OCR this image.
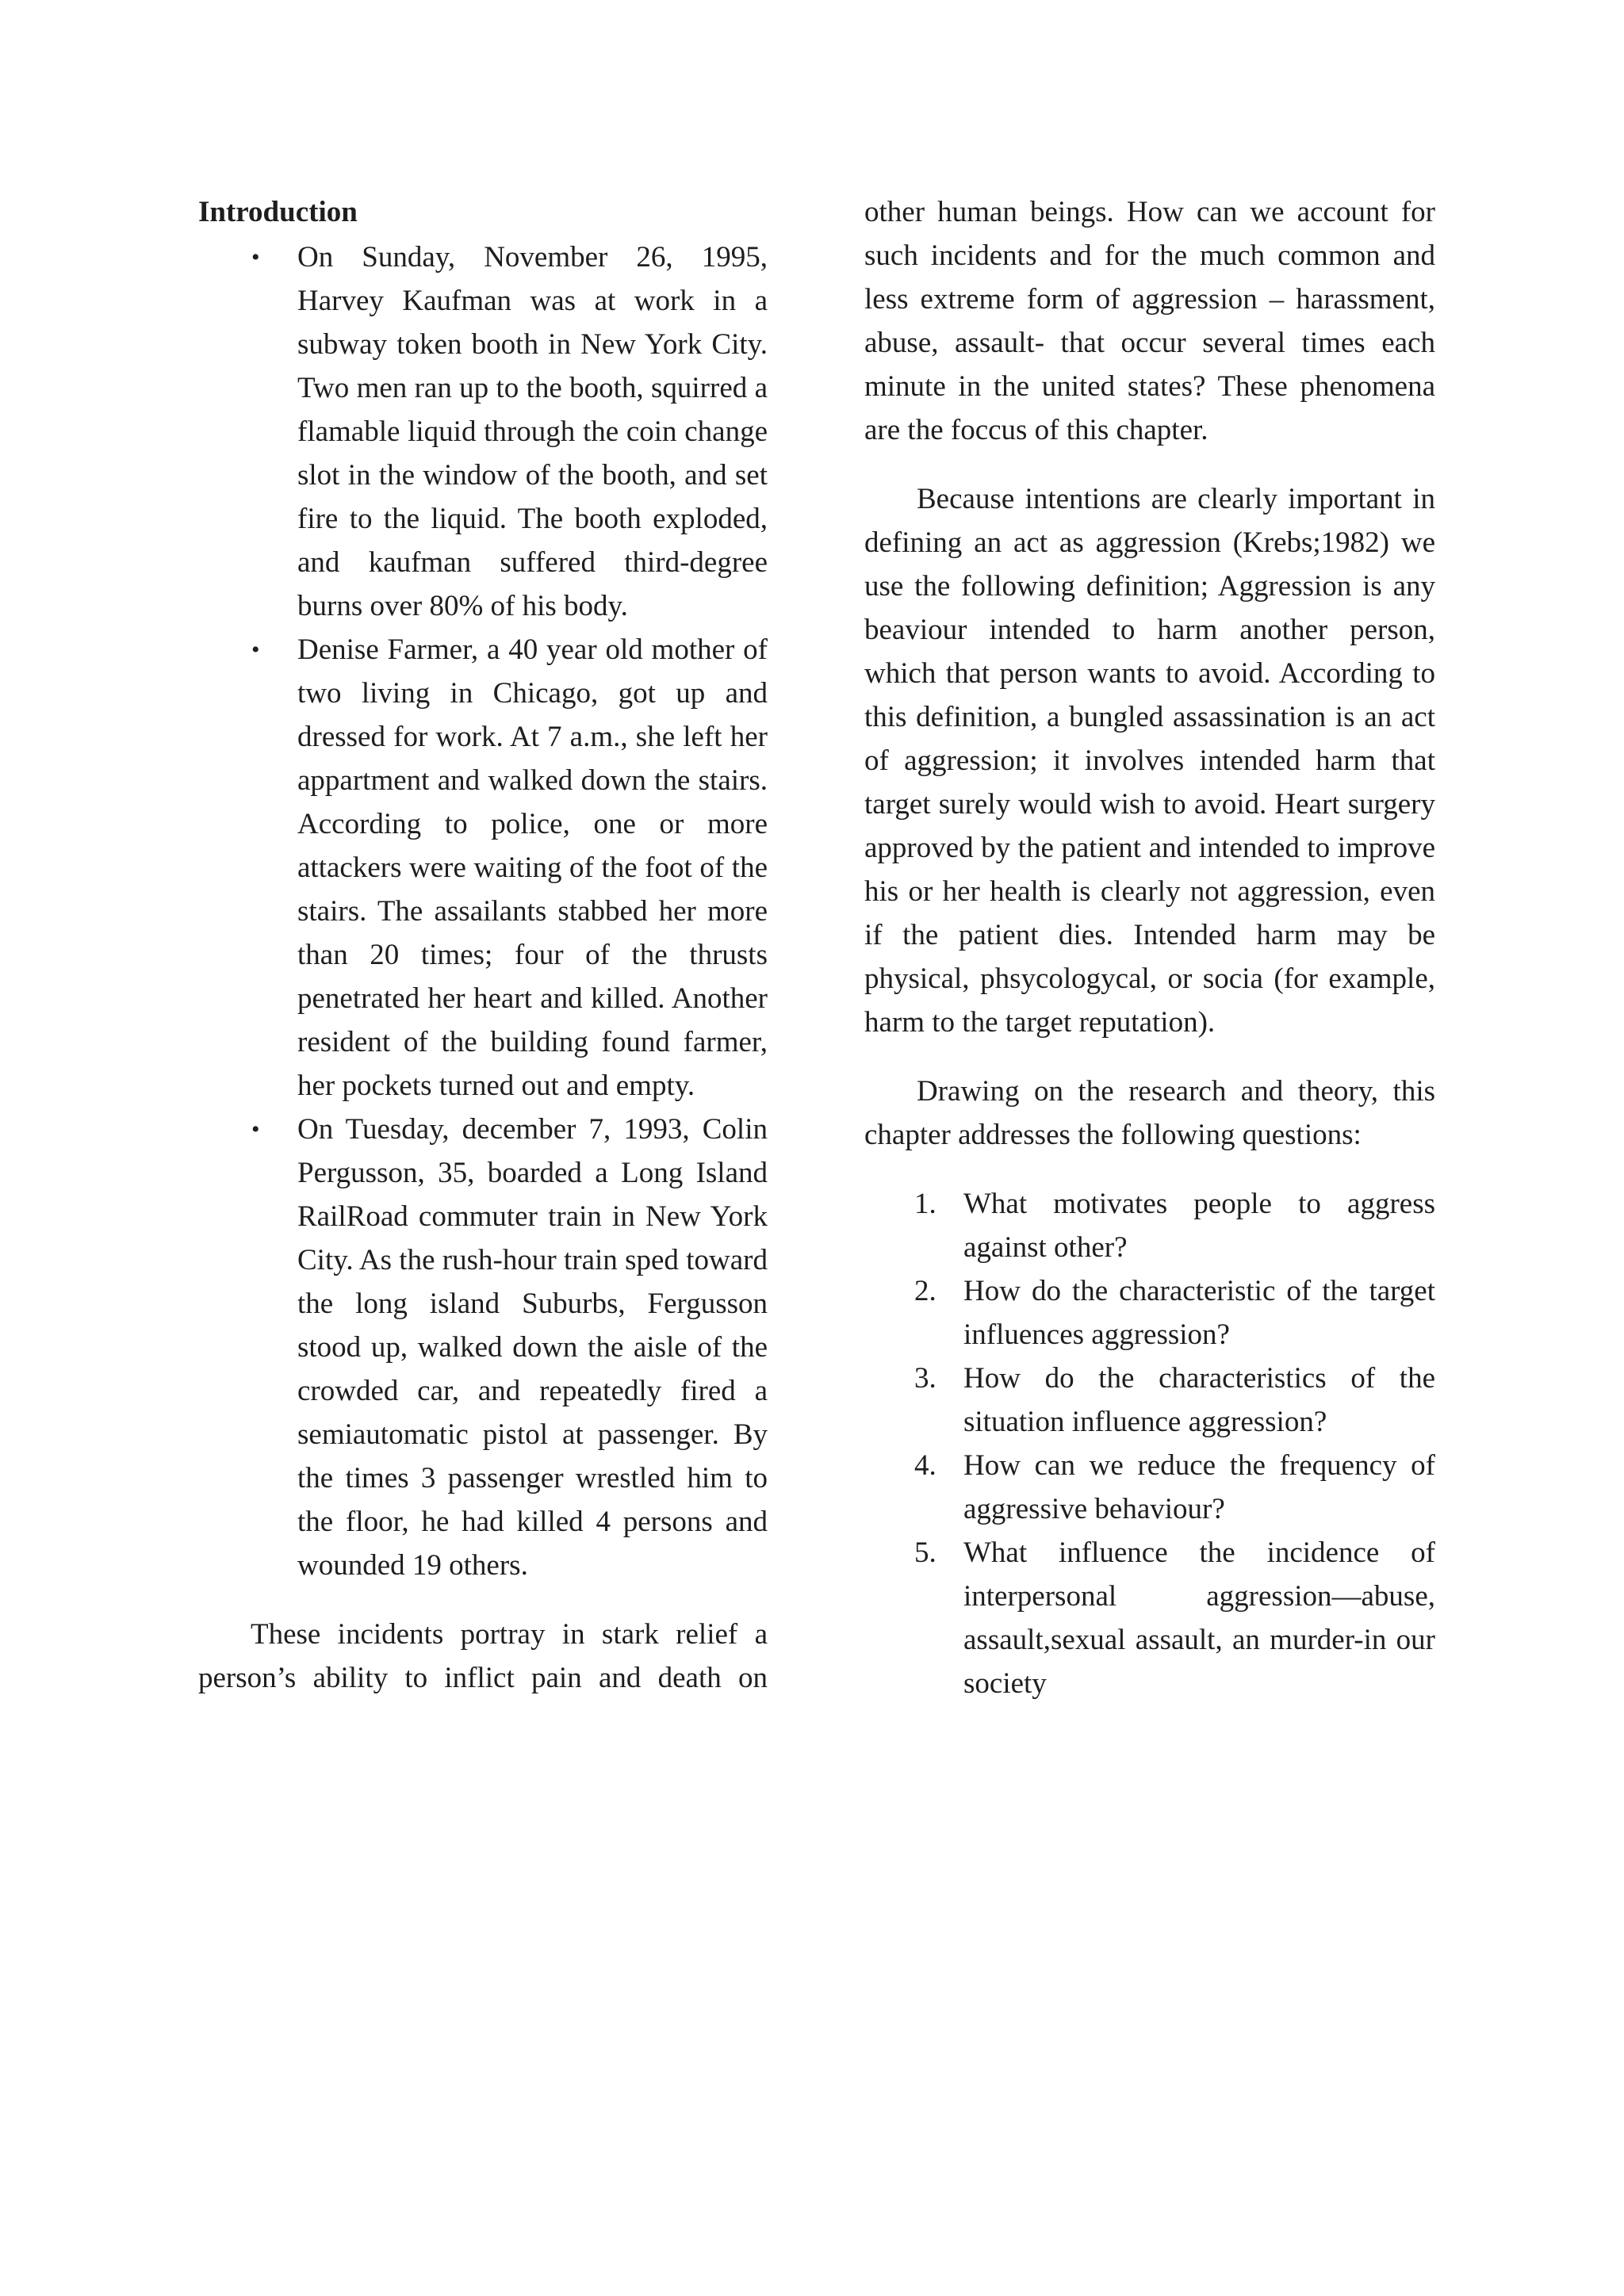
Introduction
• On Sunday, November 26, 1995, Harvey Kaufman was at work in a subway token booth in New York City. Two men ran up to the booth, squirred a flamable liquid through the coin change slot in the window of the booth, and set fire to the liquid. The booth exploded, and kaufman suffered third-degree burns over 80% of his body.
• Denise Farmer, a 40 year old mother of two living in Chicago, got up and dressed for work. At 7 a.m., she left her appartment and walked down the stairs. According to police, one or more attackers were waiting of the foot of the stairs. The assailants stabbed her more than 20 times; four of the thrusts penetrated her heart and killed. Another resident of the building found farmer, her pockets turned out and empty.
• On Tuesday, december 7, 1993, Colin Pergusson, 35, boarded a Long Island RailRoad commuter train in New York City. As the rush-hour train sped toward the long island Suburbs, Fergusson stood up, walked down the aisle of the crowded car, and repeatedly fired a semiautomatic pistol at passenger. By the times 3 passenger wrestled him to the floor, he had killed 4 persons and wounded 19 others.

These incidents portray in stark relief a person’s ability to inflict pain and death on

other human beings. How can we account for such incidents and for the much common and less extreme form of aggression – harassment, abuse, assault- that occur several times each minute in the united states? These phenomena are the foccus of this chapter.

Because intentions are clearly important in defining an act as aggression (Krebs;1982) we use the following definition; Aggression is any beaviour intended to harm another person, which that person wants to avoid. According to this definition, a bungled assassination is an act of aggression; it involves intended harm that target surely would wish to avoid. Heart surgery approved by the patient and intended to improve his or her health is clearly not aggression, even if the patient dies. Intended harm may be physical, phsycologycal, or socia (for example, harm to the target reputation).

Drawing on the research and theory, this chapter addresses the following questions:

1. What motivates people to aggress against other?
2. How do the characteristic of the target influences aggression?
3. How do the characteristics of the situation influence aggression?
4. How can we reduce the frequency of aggressive behaviour?
5. What influence the incidence of interpersonal aggression—abuse, assault,sexual assault, an murder-in our society
